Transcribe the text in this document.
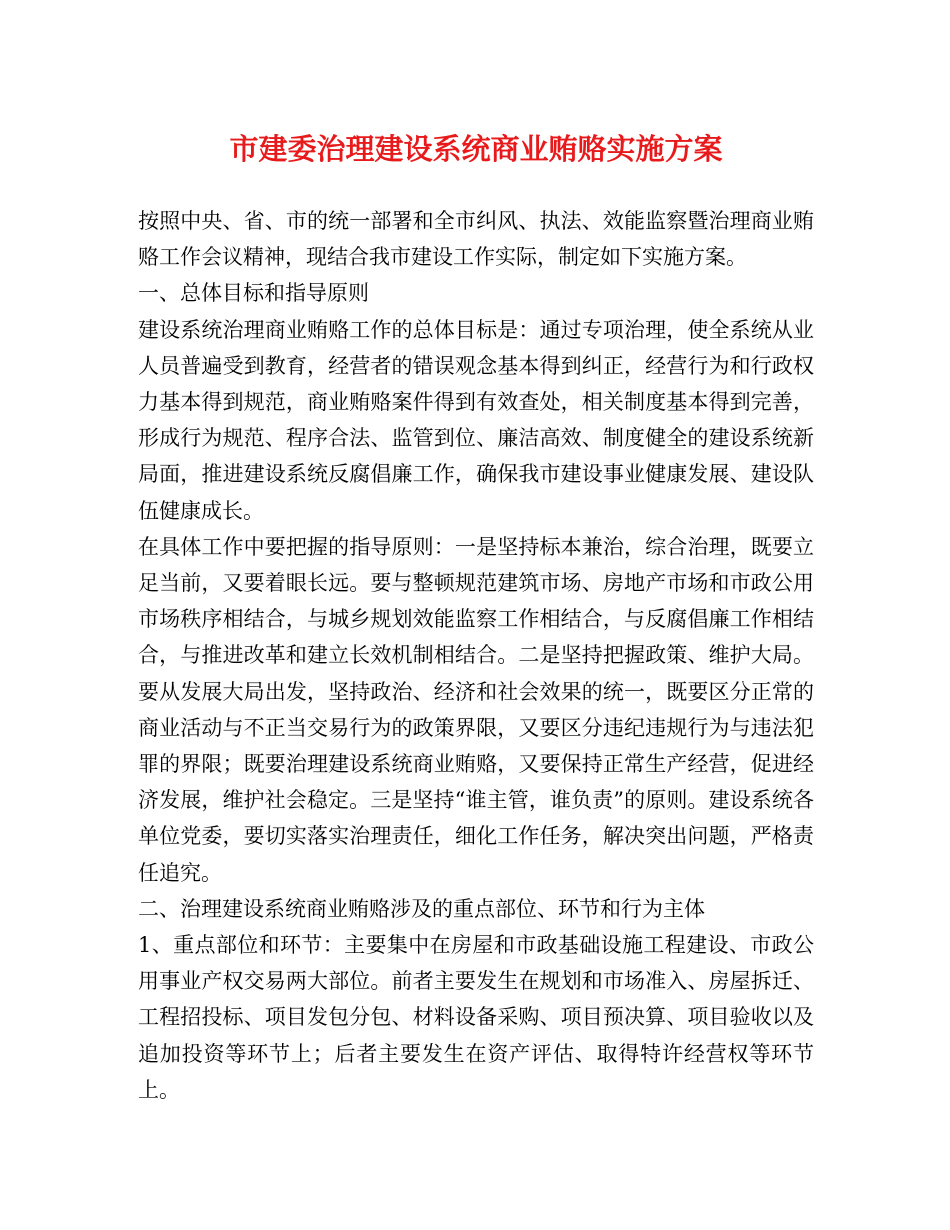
市建委治理建设系统商业贿赂实施方案

按照中央、省、市的统一部署和全市纠风、执法、效能监察暨治理商业贿赂工作会议精神，现结合我市建设工作实际，制定如下实施方案。

一、总体目标和指导原则

建设系统治理商业贿赂工作的总体目标是：通过专项治理，使全系统从业人员普遍受到教育，经营者的错误观念基本得到纠正，经营行为和行政权力基本得到规范，商业贿赂案件得到有效查处，相关制度基本得到完善，形成行为规范、程序合法、监管到位、廉洁高效、制度健全的建设系统新局面，推进建设系统反腐倡廉工作，确保我市建设事业健康发展、建设队伍健康成长。

在具体工作中要把握的指导原则：一是坚持标本兼治，综合治理，既要立足当前，又要着眼长远。要与整顿规范建筑市场、房地产市场和市政公用市场秩序相结合，与城乡规划效能监察工作相结合，与反腐倡廉工作相结合，与推进改革和建立长效机制相结合。二是坚持把握政策、维护大局。要从发展大局出发，坚持政治、经济和社会效果的统一，既要区分正常的商业活动与不正当交易行为的政策界限，又要区分违纪违规行为与违法犯罪的界限；既要治理建设系统商业贿赂，又要保持正常生产经营，促进经济发展，维护社会稳定。三是坚持“谁主管，谁负责”的原则。建设系统各单位党委，要切实落实治理责任，细化工作任务，解决突出问题，严格责任追究。

二、治理建设系统商业贿赂涉及的重点部位、环节和行为主体

1、重点部位和环节：主要集中在房屋和市政基础设施工程建设、市政公用事业产权交易两大部位。前者主要发生在规划和市场准入、房屋拆迁、工程招投标、项目发包分包、材料设备采购、项目预决算、项目验收以及追加投资等环节上；后者主要发生在资产评估、取得特许经营权等环节上。
